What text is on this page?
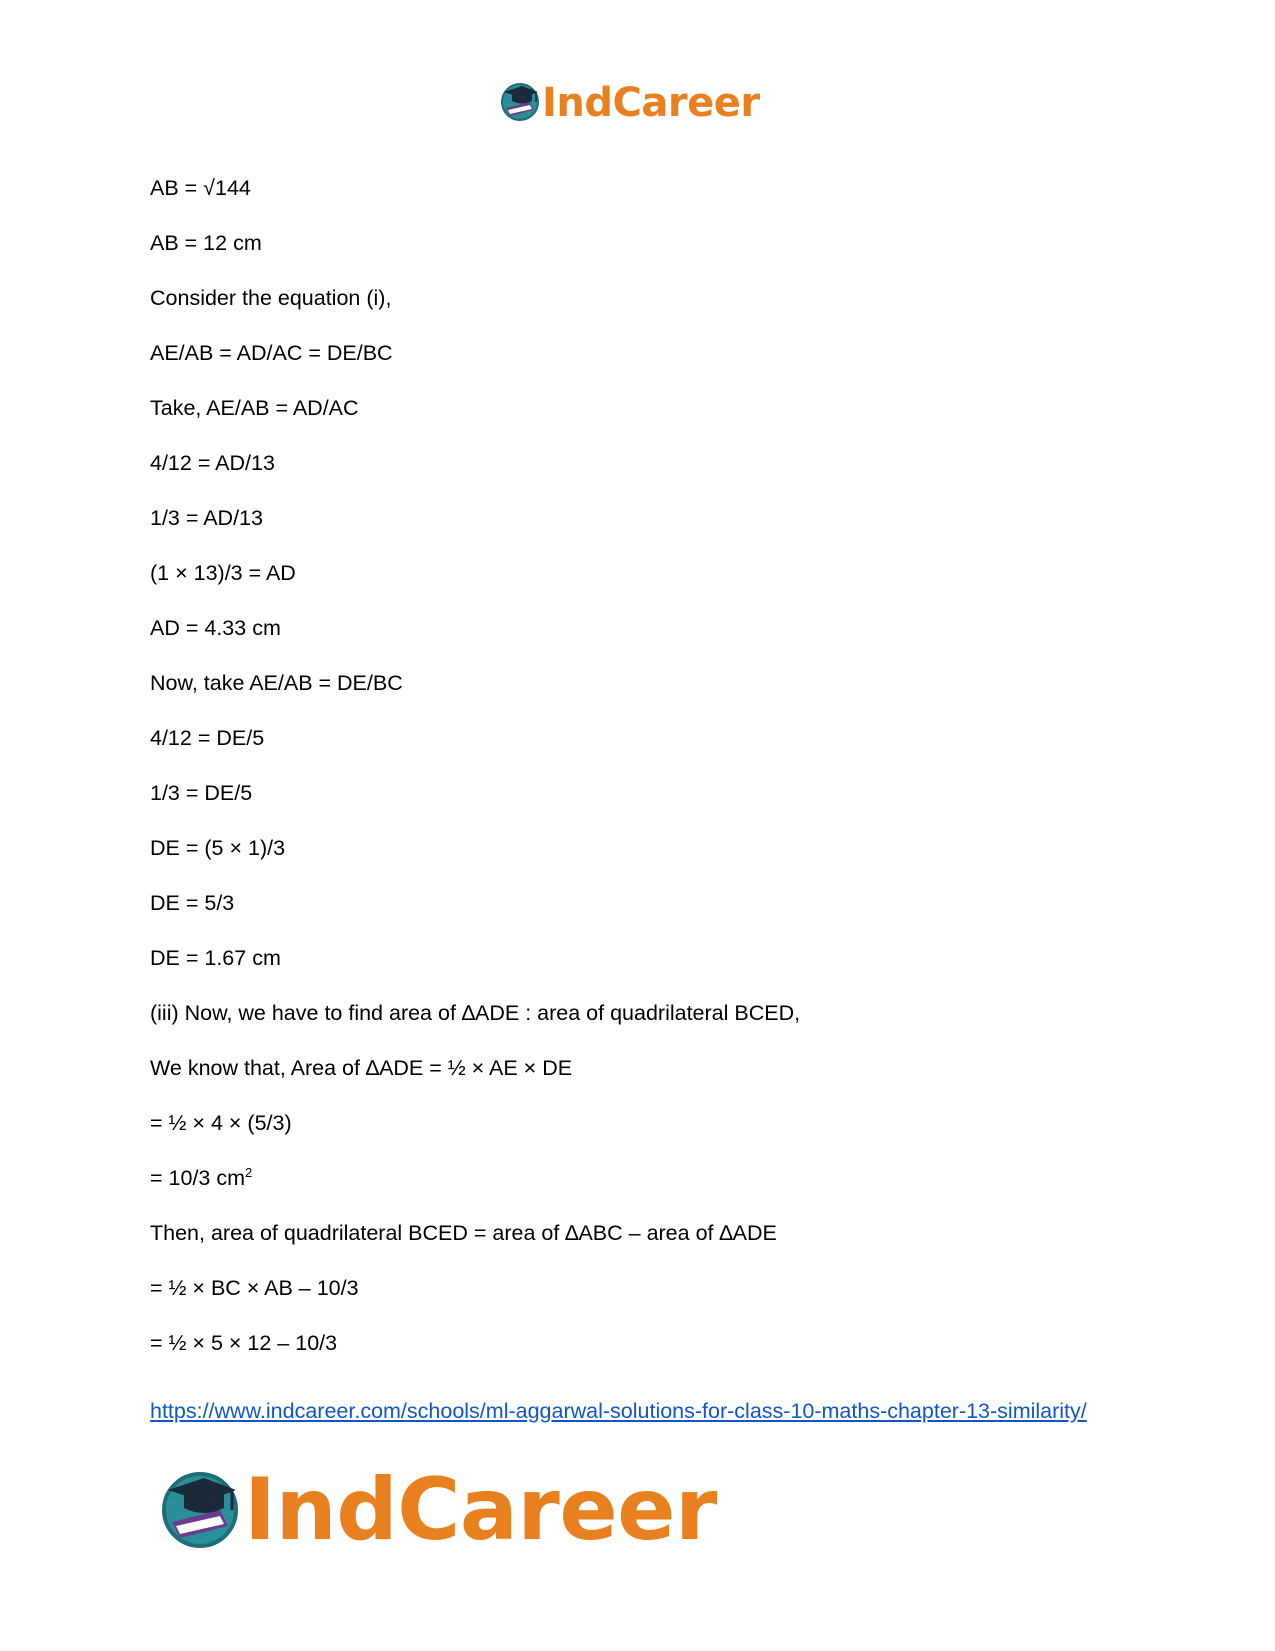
IndCareer
AB = √144
AB = 12 cm
Consider the equation (i),
AE/AB = AD/AC = DE/BC
Take, AE/AB = AD/AC
4/12 = AD/13
1/3 = AD/13
(1 × 13)/3 = AD
AD = 4.33 cm
Now, take AE/AB = DE/BC
4/12 = DE/5
1/3 = DE/5
DE = (5 × 1)/3
DE = 5/3
DE = 1.67 cm
(iii) Now, we have to find area of ∆ADE : area of quadrilateral BCED,
We know that, Area of ∆ADE = ½ × AE × DE
= ½ × 4 × (5/3)
= 10/3 $cm^2$
Then, area of quadrilateral BCED = area of ∆ABC – area of ∆ADE
= ½ × BC × AB – 10/3
= ½ × 5 × 12 – 10/3
https://www.indcareer.com/schools/ml-aggarwal-solutions-for-class-10-maths-chapter-13-similarity/
IndCareer
